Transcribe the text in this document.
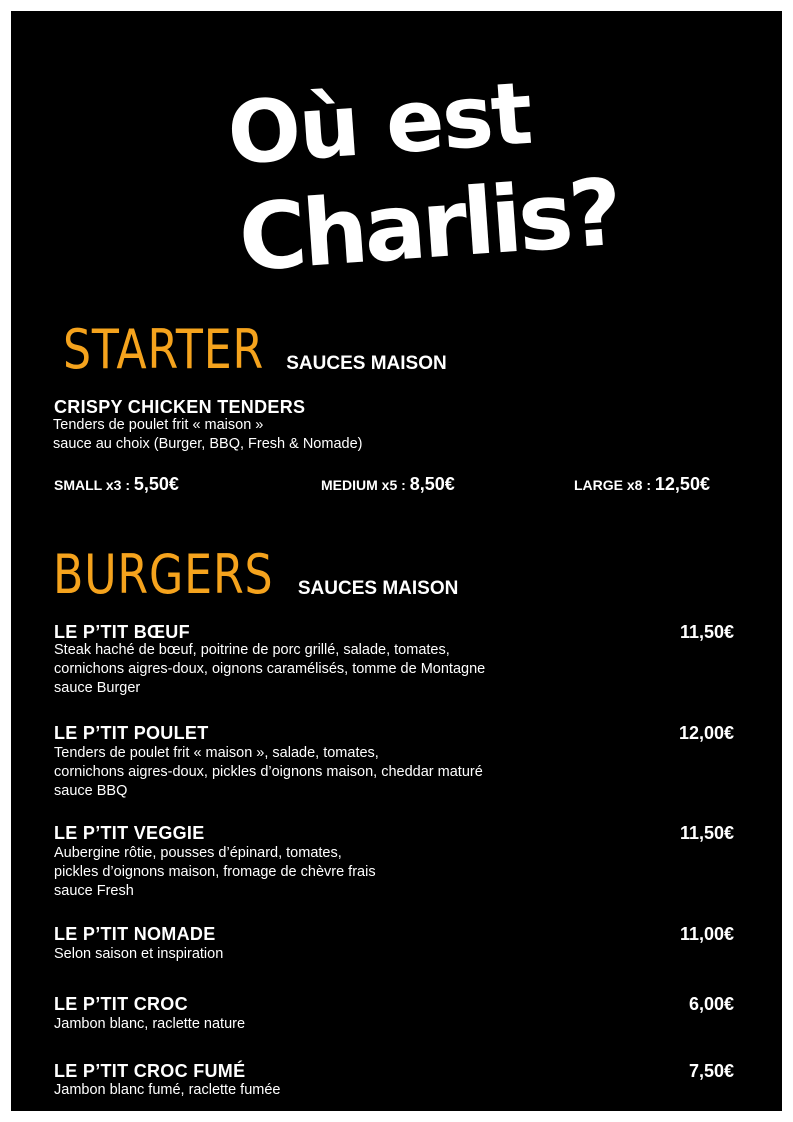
Où est
Charlis?
STARTER SAUCES MAISON
CRISPY CHICKEN TENDERS
Tenders de poulet frit « maison »
sauce au choix (Burger, BBQ, Fresh & Nomade)
SMALL x3 : 5,50€	MEDIUM x5 : 8,50€	LARGE x8 : 12,50€
BURGERS SAUCES MAISON
LE P’TIT BŒUF	11,50€
Steak haché de bœuf, poitrine de porc grillé, salade, tomates,
cornichons aigres-doux, oignons caramélisés, tomme de Montagne
sauce Burger
LE P’TIT POULET	12,00€
Tenders de poulet frit « maison », salade, tomates,
cornichons aigres-doux, pickles d’oignons maison, cheddar maturé
sauce BBQ
LE P’TIT VEGGIE	11,50€
Aubergine rôtie, pousses d’épinard, tomates,
pickles d’oignons maison, fromage de chèvre frais
sauce Fresh
LE P’TIT NOMADE	11,00€
Selon saison et inspiration
LE P’TIT CROC	6,00€
Jambon blanc, raclette nature
LE P’TIT CROC FUMÉ	7,50€
Jambon blanc fumé, raclette fumée
